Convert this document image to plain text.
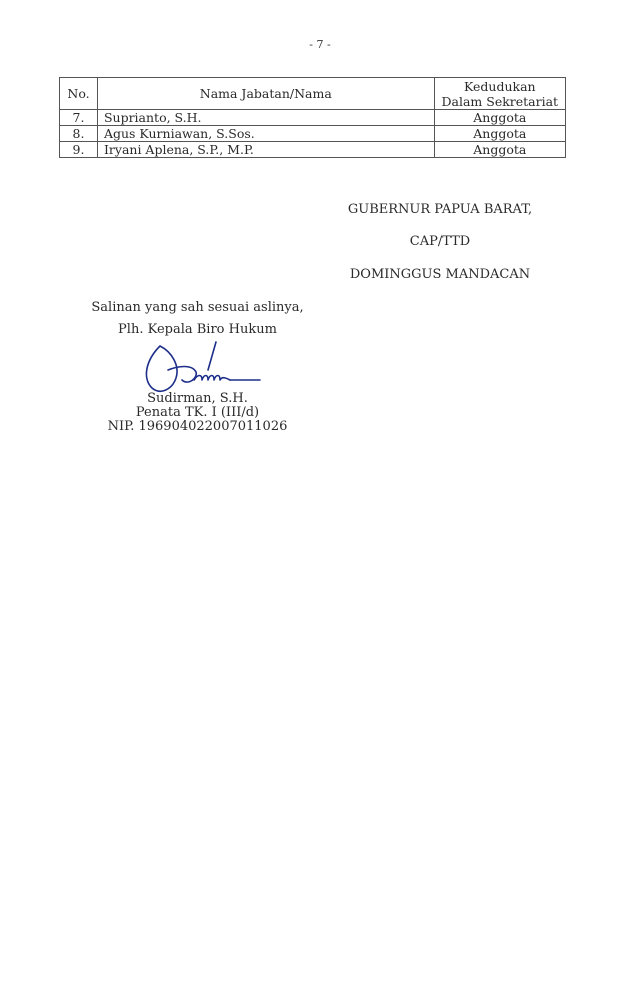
- 7 -
No.	Nama Jabatan/Nama	Kedudukan
Dalam Sekretariat
7.	Suprianto, S.H.	Anggota
8.	Agus Kurniawan, S.Sos.	Anggota
9.	Iryani Aplena, S.P., M.P.	Anggota
GUBERNUR PAPUA BARAT,
CAP/TTD
DOMINGGUS MANDACAN
Salinan yang sah sesuai aslinya,
Plh. Kepala Biro Hukum
Sudirman, S.H.
Penata TK. I (III/d)
NIP. 196904022007011026
